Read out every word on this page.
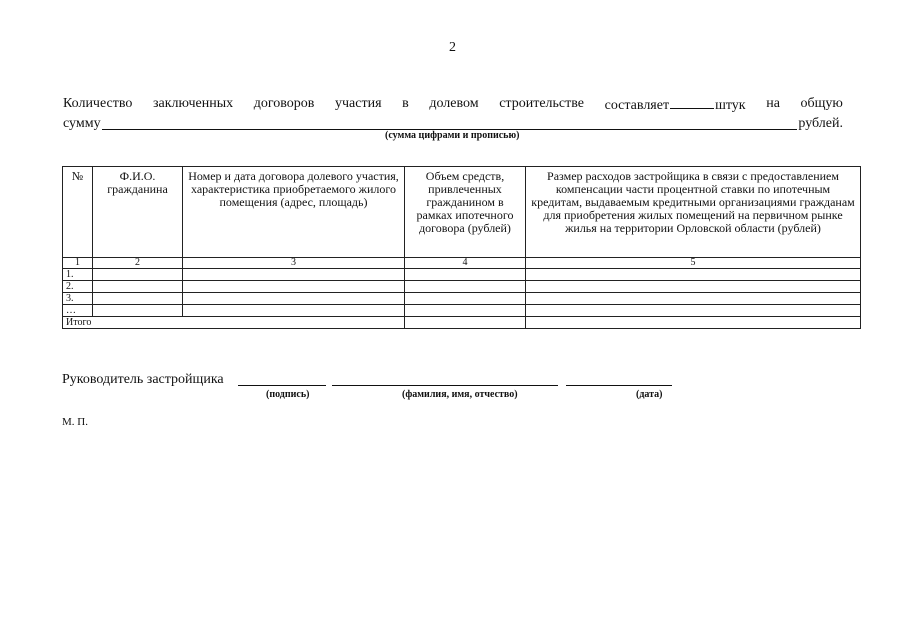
2
Количество заключенных договоров участия в долевом строительстве составляет	штук на общую
сумму	рублей.
(сумма цифрами и прописью)
№	Ф.И.О. гражданина	Номер и дата договора долевого участия, характеристика приобретаемого жилого помещения (адрес, площадь)	Объем средств, привлеченных гражданином в рамках ипотечного договора (рублей)	Размер расходов застройщика в связи с предоставлением компенсации части процентной ставки по ипотечным кредитам, выдаваемым кредитными организациями гражданам для приобретения жилых помещений на первичном рынке жилья на территории Орловской области (рублей)
1	2	3	4	5
1.				
2.				
3.				
…				
Итого				
Руководитель застройщика
(подпись)	(фамилия, имя, отчество)	(дата)
М. П.
